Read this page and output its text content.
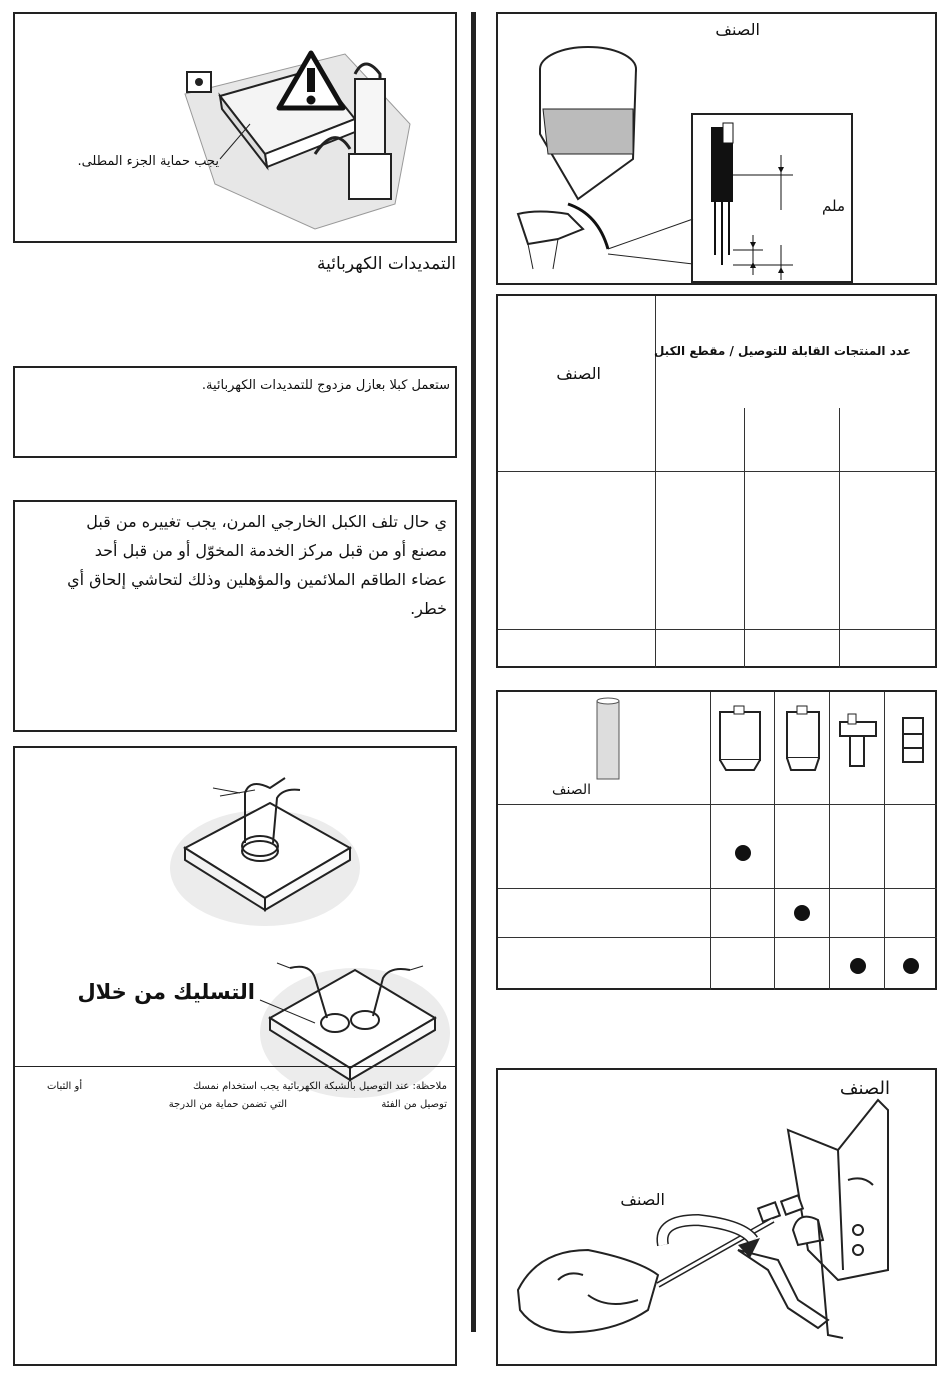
يجب حماية الجزء المطلى.
التمديدات الكهربائية
ستعمل كبلا بعازل مزدوج للتمديدات الكهربائية.
ي حال تلف الكبل الخارجي المرن، يجب تغييره من قبل
مصنع أو من قبل مركز الخدمة المخوّل أو من قبل أحد
عضاء الطاقم الملائمين والمؤهلين وذلك لتحاشي إلحاق أي
خطر.
التسليك من خلال
ملاحظة: عند التوصيل بالشبكة الكهربائية يجب استخدام نمسك
أو الثبات
توصيل من الفئة
التي تضمن حماية من الدرجة
الصنف
ملم
الصنف
عدد المنتجات القابلة للتوصيل / مقطع الكبل
الصنف
الصنف
الصنف
